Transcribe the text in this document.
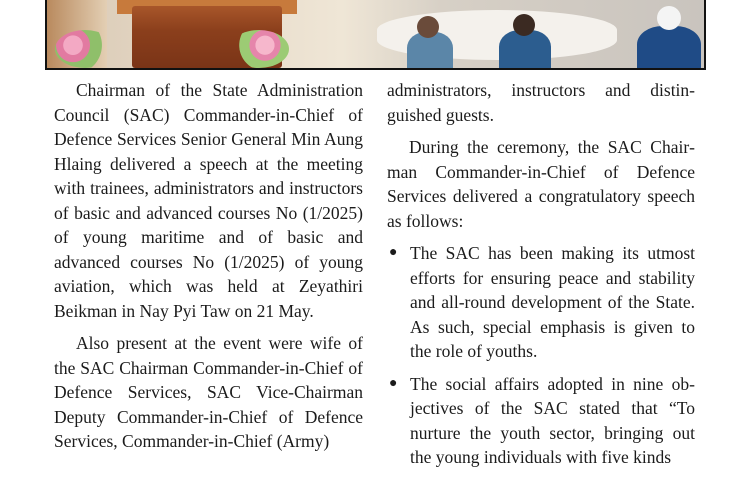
Chairman of the State Administration Council (SAC) Commander-in-Chief of Defence Services Senior General Min Aung Hlaing delivered a speech at the meeting with trainees, administrators and instructors of basic and advanced courses No (1/2025) of young maritime and of basic and advanced courses No (1/2025) of young aviation, which was held at Zeyathiri Beikman in Nay Pyi Taw on 21 May.

Also present at the event were wife of the SAC Chairman Commander-in-Chief of Defence Services, SAC Vice-Chairman Deputy Commander-in-Chief of Defence Services, Commander-in-Chief (Army)

administrators, instructors and distinguished guests.

During the ceremony, the SAC Chairman Commander-in-Chief of Defence Services delivered a congratulatory speech as follows:

● The SAC has been making its utmost efforts for ensuring peace and stability and all-round development of the State. As such, special emphasis is given to the role of youths.
● The social affairs adopted in nine objectives of the SAC stated that “To nurture the youth sector, bringing out the young individuals with five kinds
